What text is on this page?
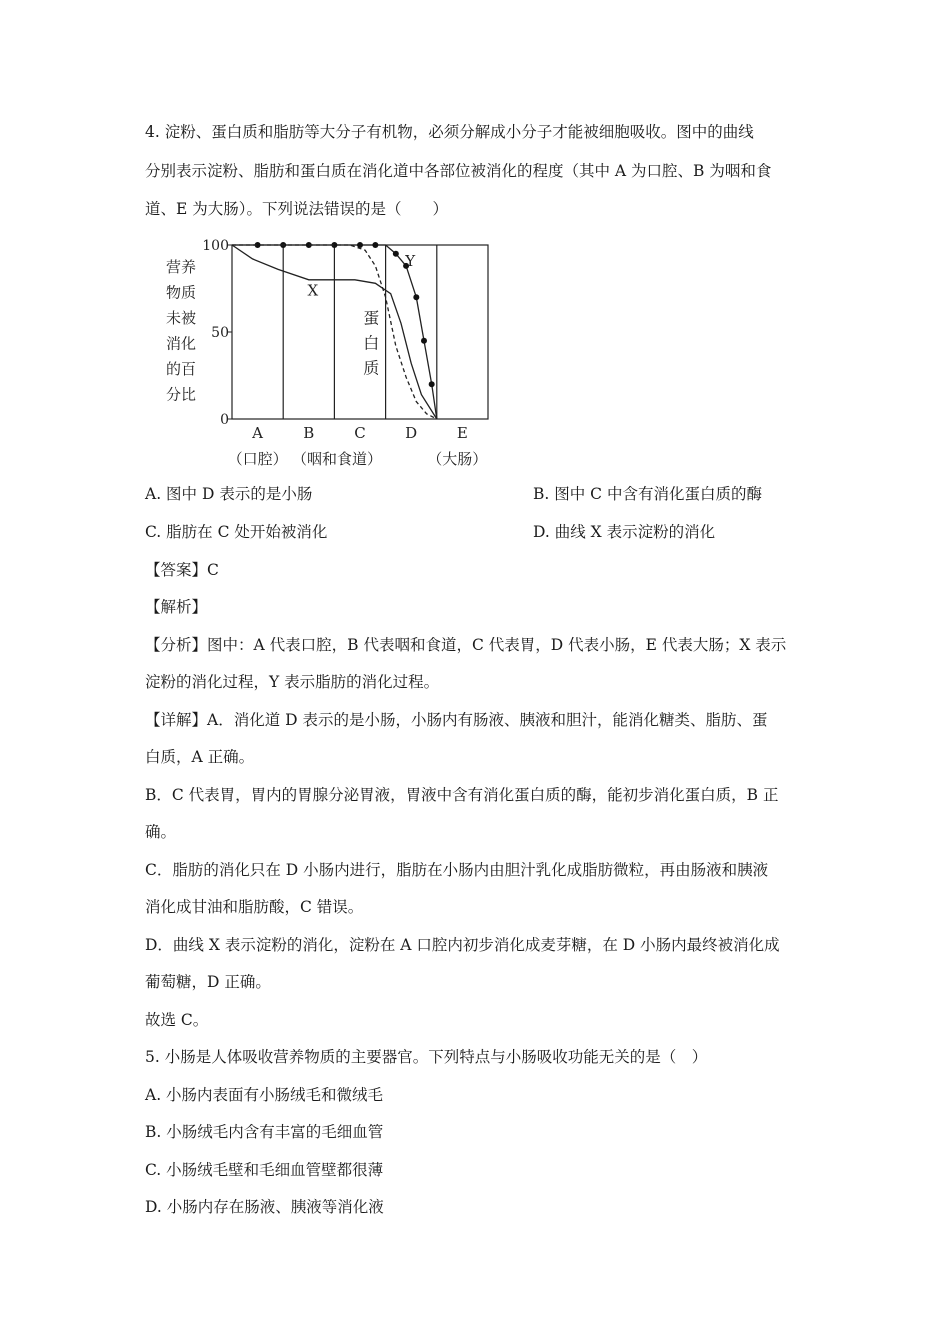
4. 淀粉、蛋白质和脂肪等大分子有机物，必须分解成小分子才能被细胞吸收。图中的曲线
分别表示淀粉、脂肪和蛋白质在消化道中各部位被消化的程度（其中 A 为口腔、B 为咽和食
道、E 为大肠）。下列说法错误的是（　　）
100
50
0
营养
物质
未被
消化
的百
分比
A	B	C	D	E
（口腔） （咽和食道）	（大肠）
X
Y
蛋
白
质
A. 图中 D 表示的是小肠	B. 图中 C 中含有消化蛋白质的酶
C. 脂肪在 C 处开始被消化	D. 曲线 X 表示淀粉的消化
【答案】C
【解析】
【分析】图中：A 代表口腔，B 代表咽和食道，C 代表胃，D 代表小肠，E 代表大肠；X 表示
淀粉的消化过程，Y 表示脂肪的消化过程。
【详解】A．消化道 D 表示的是小肠，小肠内有肠液、胰液和胆汁，能消化糖类、脂肪、蛋
白质，A 正确。
B．C 代表胃，胃内的胃腺分泌胃液，胃液中含有消化蛋白质的酶，能初步消化蛋白质，B 正
确。
C．脂肪的消化只在 D 小肠内进行，脂肪在小肠内由胆汁乳化成脂肪微粒，再由肠液和胰液
消化成甘油和脂肪酸，C 错误。
D．曲线 X 表示淀粉的消化，淀粉在 A 口腔内初步消化成麦芽糖，在 D 小肠内最终被消化成
葡萄糖，D 正确。
故选 C。
5. 小肠是人体吸收营养物质的主要器官。下列特点与小肠吸收功能无关的是（　）
A. 小肠内表面有小肠绒毛和微绒毛
B. 小肠绒毛内含有丰富的毛细血管
C. 小肠绒毛壁和毛细血管壁都很薄
D. 小肠内存在肠液、胰液等消化液
